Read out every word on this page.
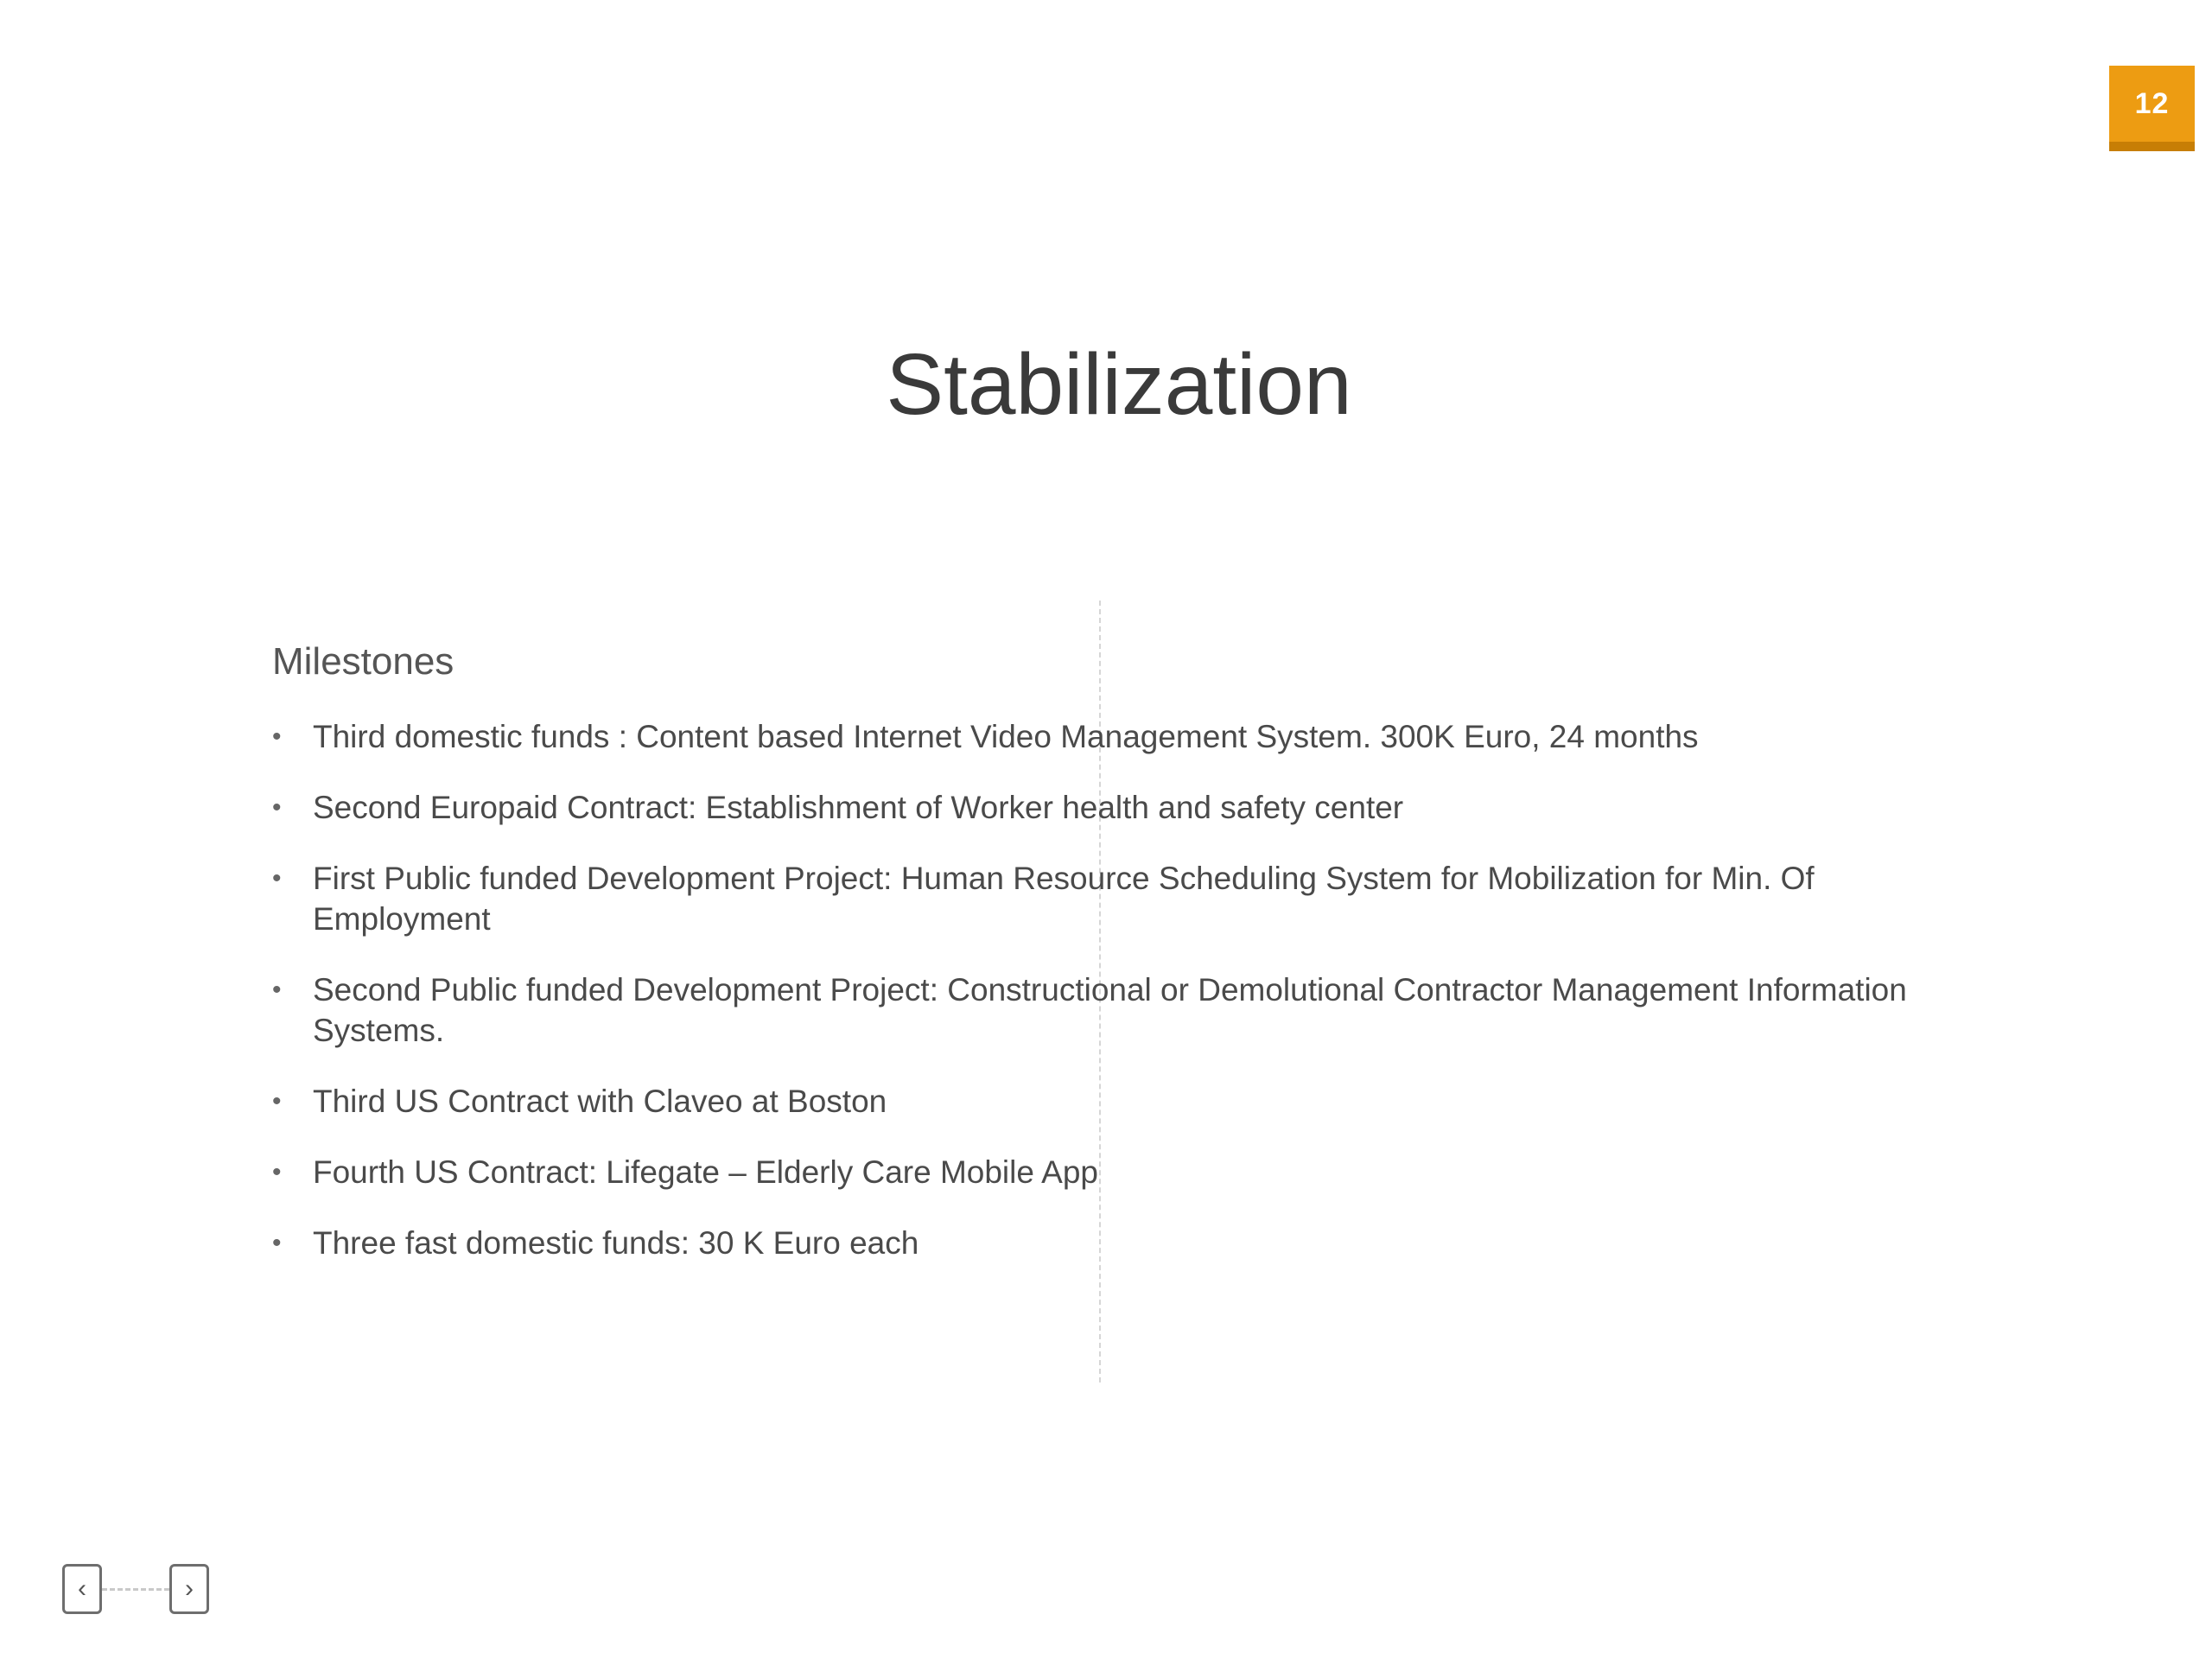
12
Stabilization
Milestones
• Third domestic funds : Content based Internet Video Management System. 300K Euro, 24 months
• Second Europaid Contract: Establishment of Worker health and safety center
• First Public funded Development Project: Human Resource Scheduling System for Mobilization for Min. Of Employment
• Second Public funded Development Project: Constructional or Demolutional Contractor Management Information Systems.
• Third US Contract with Claveo at Boston
• Fourth US Contract: Lifegate – Elderly Care Mobile App
• Three fast domestic funds: 30 K Euro each
‹	›
